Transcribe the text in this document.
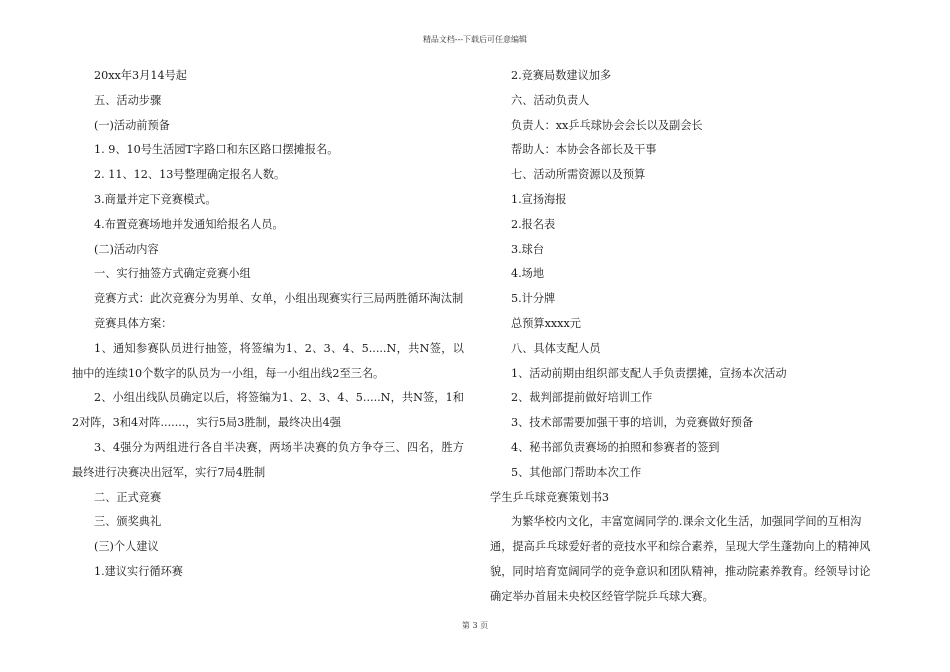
精品文档---下载后可任意编辑

20xx年3月14号起

五、活动步骤

(一)活动前预备

1. 9、10号生活园T字路口和东区路口摆摊报名。

2. 11、12、13号整理确定报名人数。

3.商量并定下竞赛模式。

4.布置竞赛场地并发通知给报名人员。

(二)活动内容

一、实行抽签方式确定竞赛小组

竞赛方式：此次竞赛分为男单、女单，小组出现赛实行三局两胜循环淘汰制

竞赛具体方案：

1、通知参赛队员进行抽签，将签编为1、2、3、4、5.....N，共N签，以抽中的连续10个数字的队员为一小组，每一小组出线2至三名。

2、小组出线队员确定以后，将签编为1、2、3、4、5.....N，共N签，1和2对阵，3和4对阵.......，实行5局3胜制，最终决出4强

3、4强分为两组进行各自半决赛，两场半决赛的负方争夺三、四名，胜方最终进行决赛决出冠军，实行7局4胜制

二、正式竞赛

三、颁奖典礼

(三)个人建议

1.建议实行循环赛

2.竞赛局数建议加多

六、活动负责人

负责人：xx乒乓球协会会长以及副会长

帮助人：本协会各部长及干事

七、活动所需资源以及预算

1.宣扬海报

2.报名表

3.球台

4.场地

5.计分牌

总预算xxxx元

八、具体支配人员

1、活动前期由组织部支配人手负责摆摊，宣扬本次活动

2、裁判部提前做好培训工作

3、技术部需要加强干事的培训，为竞赛做好预备

4、秘书部负责赛场的拍照和参赛者的签到

5、其他部门帮助本次工作

学生乒乓球竞赛策划书3

为繁华校内文化，丰富宽阔同学的.课余文化生活，加强同学间的互相沟通，提高乒乓球爱好者的竞技水平和综合素养，呈现大学生蓬勃向上的精神风貌，同时培育宽阔同学的竞争意识和团队精神，推动院素养教育。经领导讨论确定举办首届未央校区经管学院乒乓球大赛。

第 3 页
